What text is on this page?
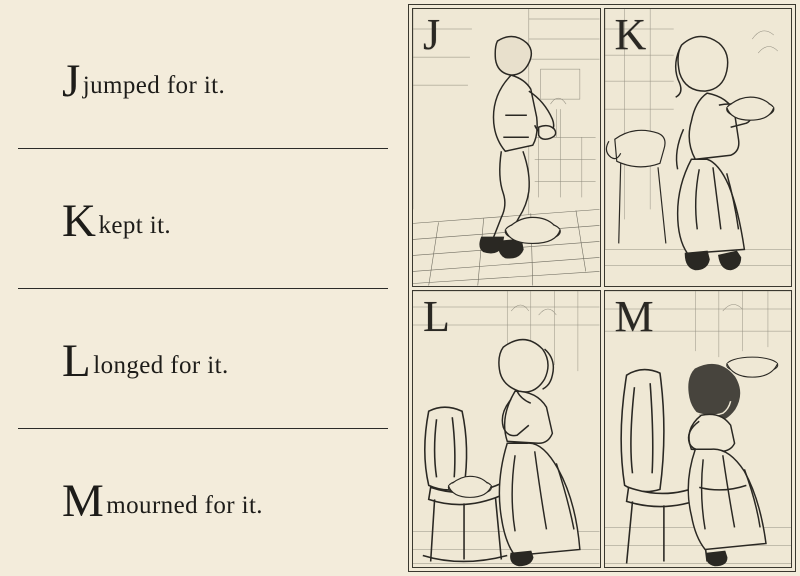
J jumped for it.
K kept it.
L longed for it.
M mourned for it.
J	K
L	M
